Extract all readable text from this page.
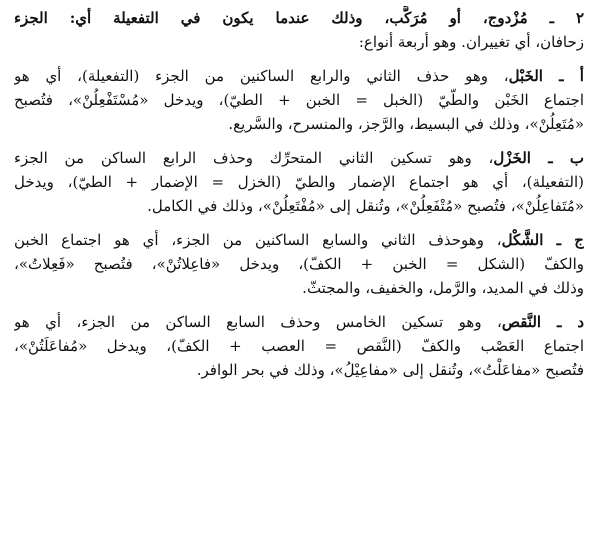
٢ ـ مُزْدوج، أو مُرَكَّب، وذلك عندما يكون في التفعيلة أي: الجزء
زحافان، أي تغييران. وهو أربعة أنواع:
أ ـ الخَبْل، وهو حذف الثاني والرابع الساكنين من الجزء (التفعيلة)، أي هو
اجتماع الخَبْن والطَّيّ (الخبل = الخبن + الطيّ)، ويدخل «مُسْتَفْعِلُنْ»، فتُصبح
«مُتَعِلُنْ»، وذلك في البسيط، والرَّجز، والمنسرح، والسَّريع.
ب ـ الخَزْل، وهو تسكين الثاني المتحرِّك وحذف الرابع الساكن من الجزء
(التفعيلة)، أي هو اجتماع الإضمار والطيّ (الخزل = الإضمار + الطيّ)، ويدخل
«مُتَفاعِلُنْ»، فتُصبح «مُتْفَعِلُنْ»، وتُنقل إلى «مُفْتَعِلُنْ»، وذلك في الكامل.
ج ـ الشَّكْل، وهوحذف الثاني والسابع الساكنين من الجزء، أي هو اجتماع الخبن
والكفّ (الشكل = الخبن + الكفّ)، ويدخل «فاعِلاتُنْ»، فتُصبح «فَعِلاتُ»،
وذلك في المديد، والرَّمل، والخفيف، والمجتثّ.
د ـ النَّقص، وهو تسكين الخامس وحذف السابع الساكن من الجزء، أي هو
اجتماع العَصْب والكفّ (النَّقص = العصب + الكفّ)، ويدخل «مُفاعَلَتُنْ»،
فتُصبح «مفاعَلْتُ»، وتُنقل إلى «مفاعِيْلُ»، وذلك في بحر الوافر.
